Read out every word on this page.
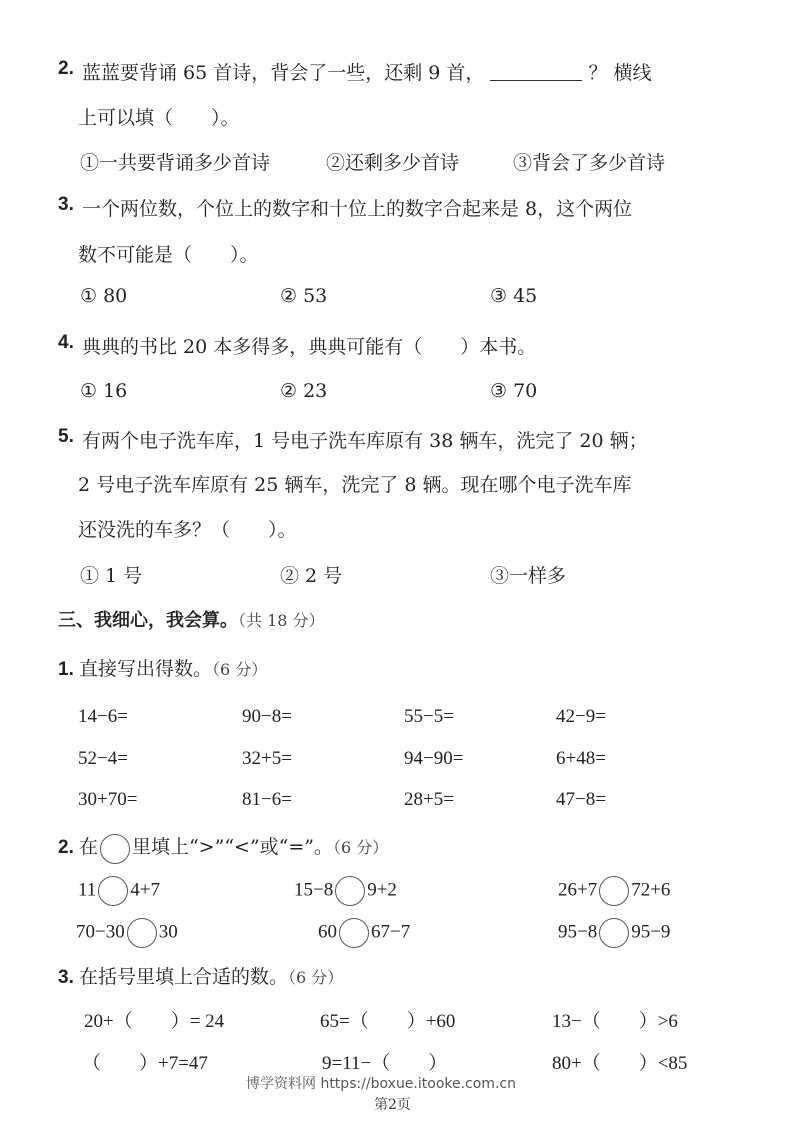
2. 蓝蓝要背诵 65 首诗，背会了一些，还剩 9 首，	？ 横线
上可以填（　　）。
①一共要背诵多少首诗	②还剩多少首诗	③背会了多少首诗
3. 一个两位数，个位上的数字和十位上的数字合起来是 8，这个两位
数不可能是（　　）。
① 80	② 53	③ 45
4. 典典的书比 20 本多得多，典典可能有（　　）本书。
① 16	② 23	③ 70
5. 有两个电子洗车库，1 号电子洗车库原有 38 辆车，洗完了 20 辆；
2 号电子洗车库原有 25 辆车，洗完了 8 辆。现在哪个电子洗车库
还没洗的车多？（　　）。
① 1 号	② 2 号	③一样多
三、我细心，我会算。（共 18 分）
1. 直接写出得数。（6 分）
14−6=	90−8=	55−5=	42−9=
52−4=	32+5=	94−90=	6+48=
30+70=	81−6=	28+5=	47−8=
2. 在 里填上“>”“<”或“=”。（6 分）
11 4+7	15−8 9+2	26+7 72+6
70−30 30	60 67−7	95−8 95−9
3. 在括号里填上合适的数。（6 分）
20+（　　）= 24	65=（　　）+60	13−（　　）>6
（　　）+7=47	9=11−（　　）	80+（　　）<85
博学资料网 https://boxue.itooke.com.cn
第2页
